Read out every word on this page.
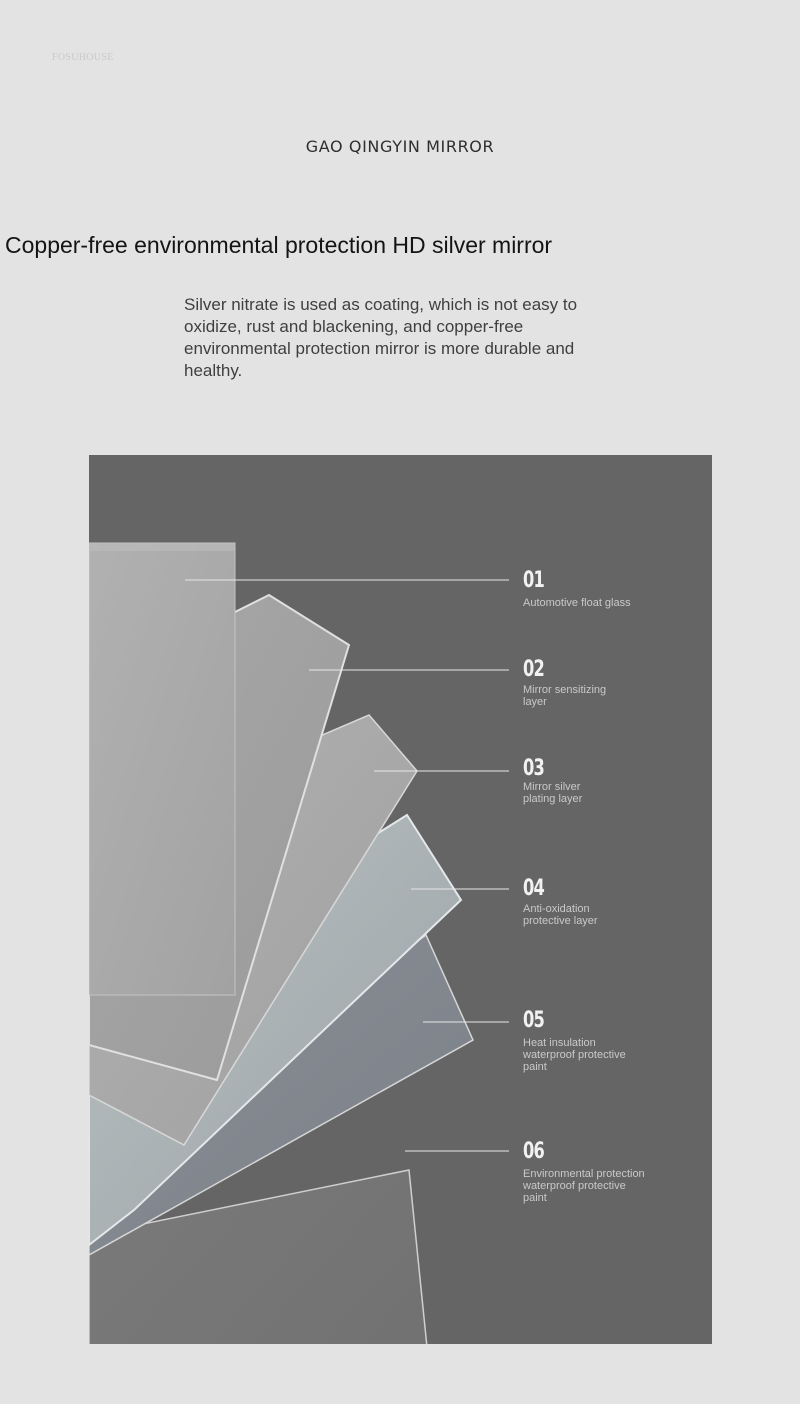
FOSUHOUSE
GAO QINGYIN MIRROR
Copper-free environmental protection HD silver mirror
Silver nitrate is used as coating, which is not easy to oxidize, rust and blackening, and copper-free environmental protection mirror is more durable and healthy.
01
Automotive float glass
02
Mirror sensitizing
layer
03
Mirror silver
plating layer
04
Anti-oxidation
protective layer
05
Heat insulation
waterproof protective
paint
06
Environmental protection
waterproof protective
paint
